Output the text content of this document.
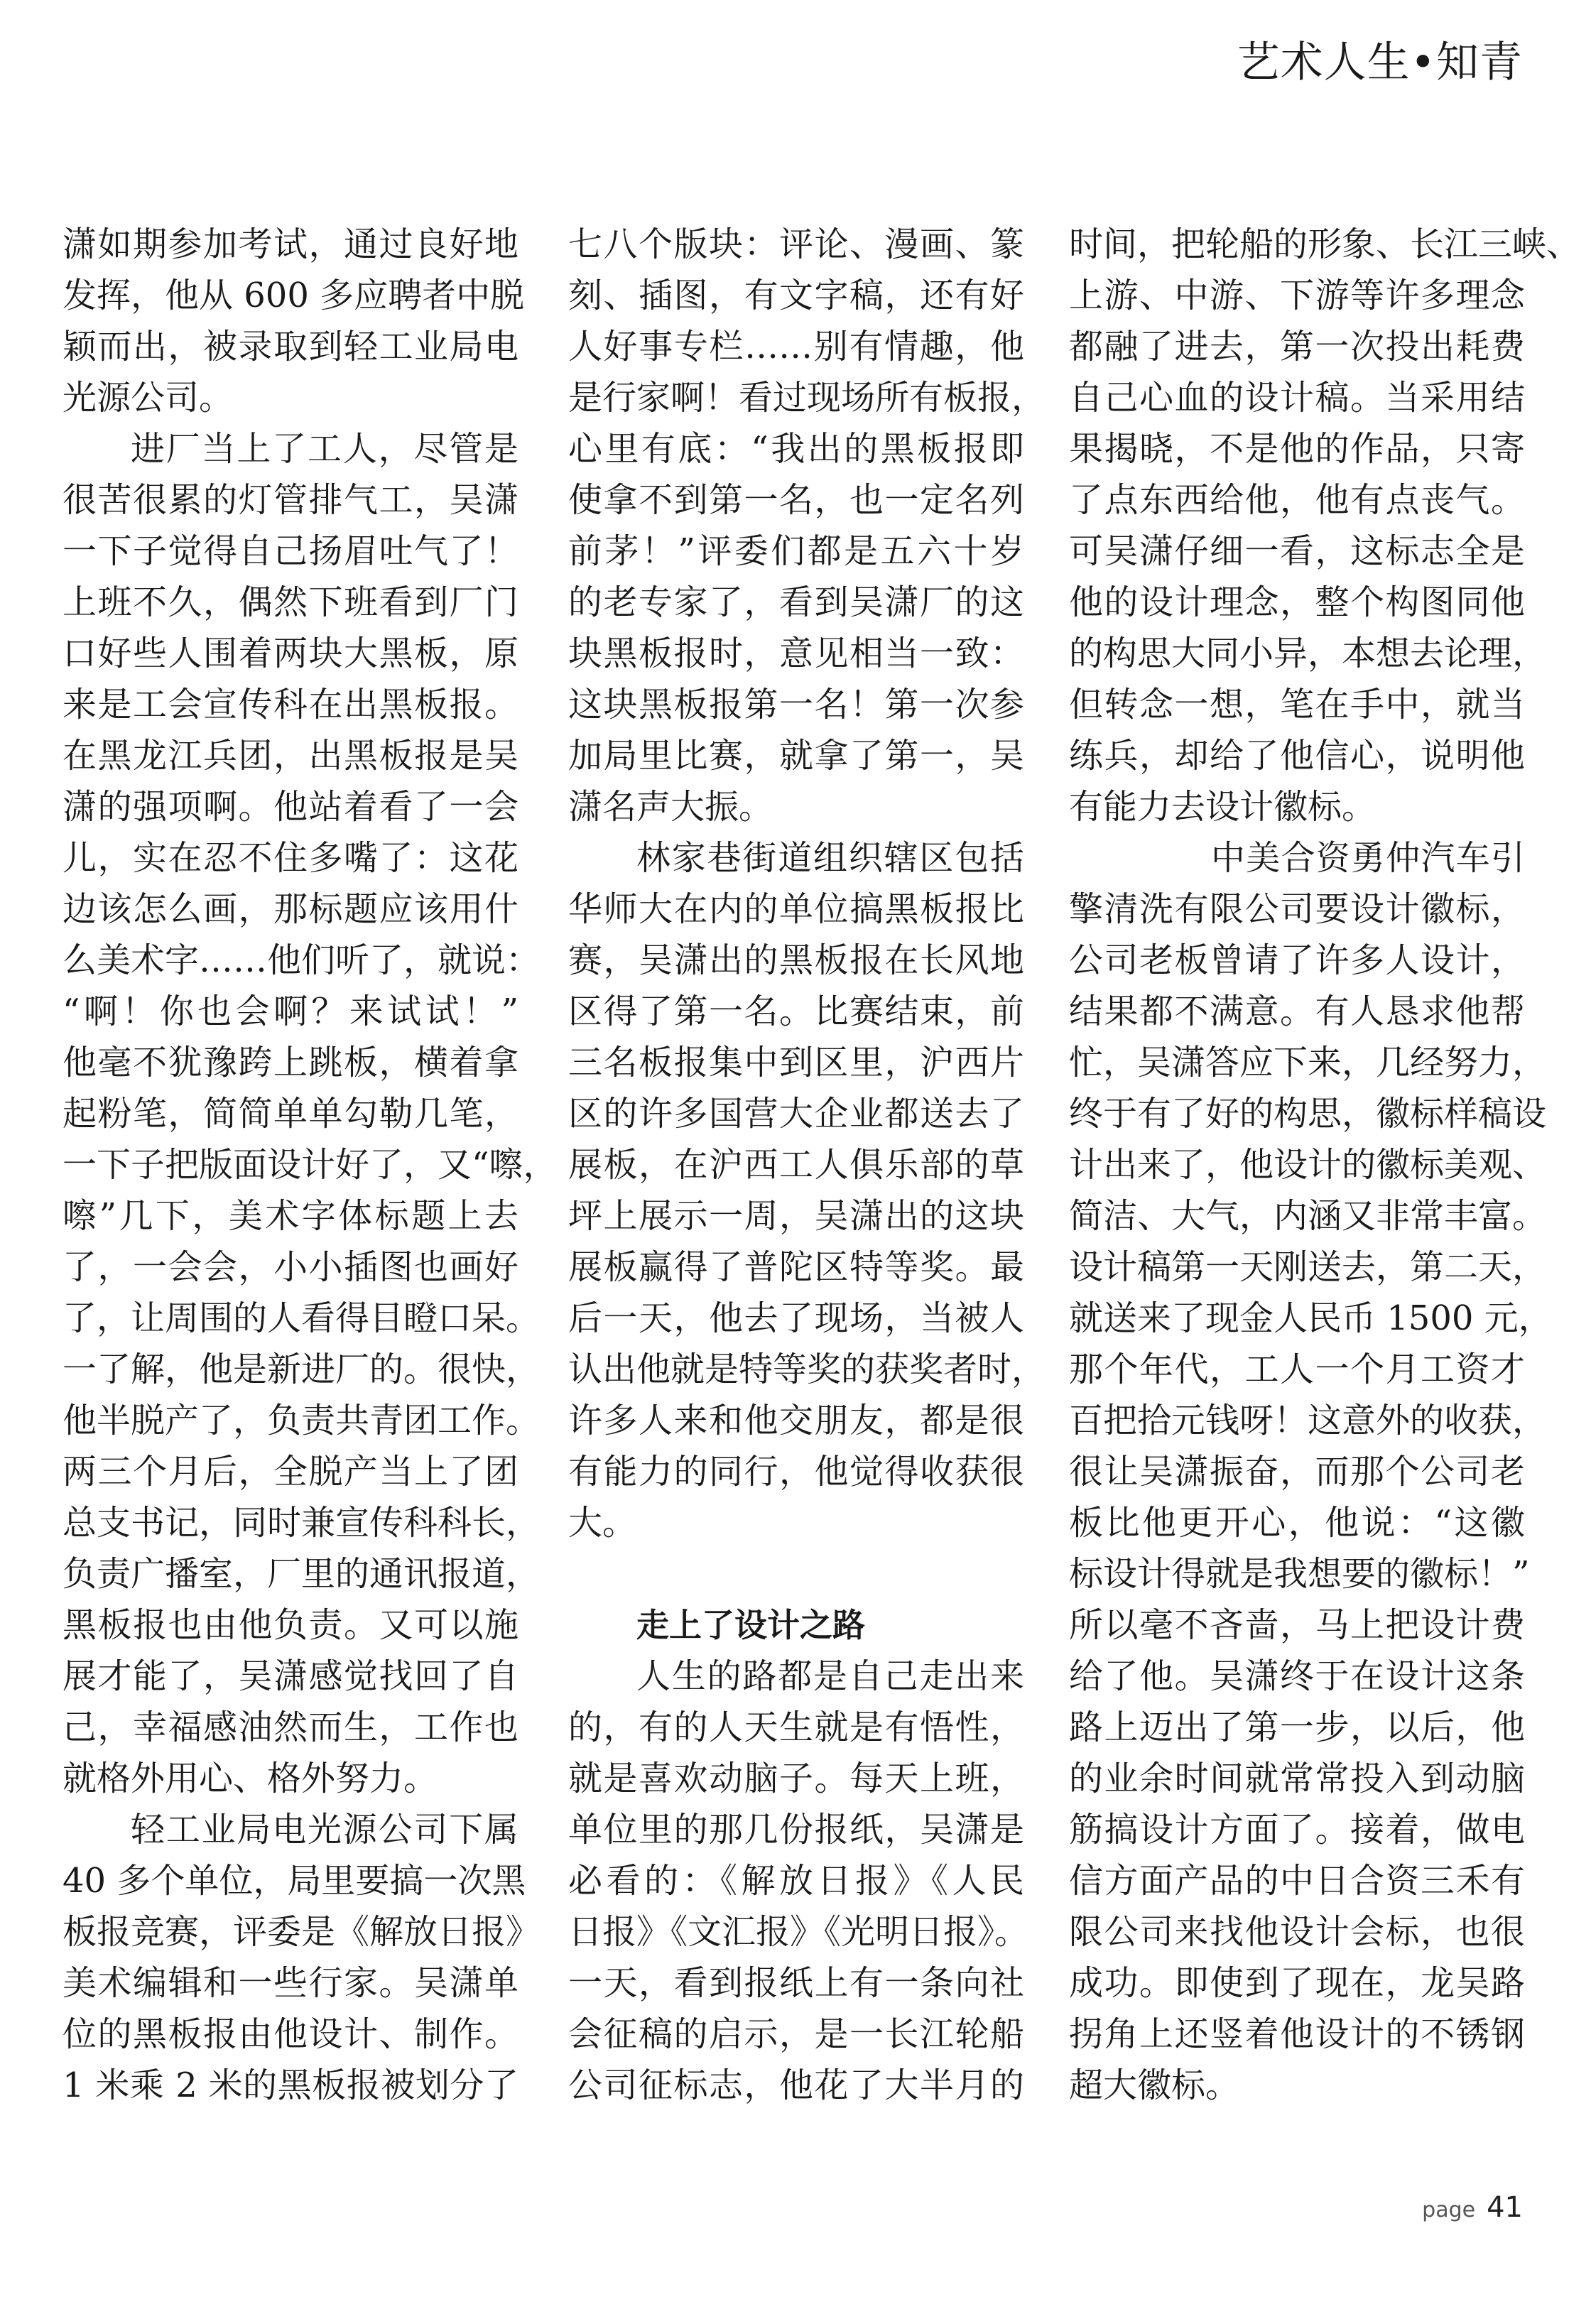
艺术人生•知青
潇如期参加考试，通过良好地
发挥，他从 600 多应聘者中脱
颖而出，被录取到轻工业局电
光源公司。
进厂当上了工人，尽管是
很苦很累的灯管排气工，吴潇
一下子觉得自己扬眉吐气了！
上班不久，偶然下班看到厂门
口好些人围着两块大黑板，原
来是工会宣传科在出黑板报。
在黑龙江兵团，出黑板报是吴
潇的强项啊。他站着看了一会
儿，实在忍不住多嘴了：这花
边该怎么画，那标题应该用什
么美术字……他们听了，就说：
“啊！你也会啊？来试试！”
他毫不犹豫跨上跳板，横着拿
起粉笔，简简单单勾勒几笔，
一下子把版面设计好了，又“嚓，
嚓”几下，美术字体标题上去
了，一会会，小小插图也画好
了，让周围的人看得目瞪口呆。
一了解，他是新进厂的。很快，
他半脱产了，负责共青团工作。
两三个月后，全脱产当上了团
总支书记，同时兼宣传科科长，
负责广播室，厂里的通讯报道，
黑板报也由他负责。又可以施
展才能了，吴潇感觉找回了自
己，幸福感油然而生，工作也
就格外用心、格外努力。
轻工业局电光源公司下属
40 多个单位，局里要搞一次黑
板报竞赛，评委是《解放日报》
美术编辑和一些行家。吴潇单
位的黑板报由他设计、制作。
1 米乘 2 米的黑板报被划分了
七八个版块：评论、漫画、篆
刻、插图，有文字稿，还有好
人好事专栏……别有情趣，他
是行家啊！看过现场所有板报，
心里有底：“我出的黑板报即
使拿不到第一名，也一定名列
前茅！”评委们都是五六十岁
的老专家了，看到吴潇厂的这
块黑板报时，意见相当一致：
这块黑板报第一名！第一次参
加局里比赛，就拿了第一，吴
潇名声大振。
林家巷街道组织辖区包括
华师大在内的单位搞黑板报比
赛，吴潇出的黑板报在长风地
区得了第一名。比赛结束，前
三名板报集中到区里，沪西片
区的许多国营大企业都送去了
展板，在沪西工人俱乐部的草
坪上展示一周，吴潇出的这块
展板赢得了普陀区特等奖。最
后一天，他去了现场，当被人
认出他就是特等奖的获奖者时，
许多人来和他交朋友，都是很
有能力的同行，他觉得收获很
大。
走上了设计之路
人生的路都是自己走出来
的，有的人天生就是有悟性，
就是喜欢动脑子。每天上班，
单位里的那几份报纸，吴潇是
必看的：《解放日报》《人民
日报》《文汇报》《光明日报》。
一天，看到报纸上有一条向社
会征稿的启示，是一长江轮船
公司征标志，他花了大半月的
时间，把轮船的形象、长江三峡、
上游、中游、下游等许多理念
都融了进去，第一次投出耗费
自己心血的设计稿。当采用结
果揭晓，不是他的作品，只寄
了点东西给他，他有点丧气。
可吴潇仔细一看，这标志全是
他的设计理念，整个构图同他
的构思大同小异，本想去论理，
但转念一想，笔在手中，就当
练兵，却给了他信心，说明他
有能力去设计徽标。
中美合资勇仲汽车引
擎清洗有限公司要设计徽标，
公司老板曾请了许多人设计，
结果都不满意。有人恳求他帮
忙，吴潇答应下来，几经努力，
终于有了好的构思，徽标样稿设
计出来了，他设计的徽标美观、
简洁、大气，内涵又非常丰富。
设计稿第一天刚送去，第二天，
就送来了现金人民币 1500 元，
那个年代，工人一个月工资才
百把拾元钱呀！这意外的收获，
很让吴潇振奋，而那个公司老
板比他更开心，他说：“这徽
标设计得就是我想要的徽标！”
所以毫不吝啬，马上把设计费
给了他。吴潇终于在设计这条
路上迈出了第一步，以后，他
的业余时间就常常投入到动脑
筋搞设计方面了。接着，做电
信方面产品的中日合资三禾有
限公司来找他设计会标，也很
成功。即使到了现在，龙吴路
拐角上还竖着他设计的不锈钢
超大徽标。
page 41
